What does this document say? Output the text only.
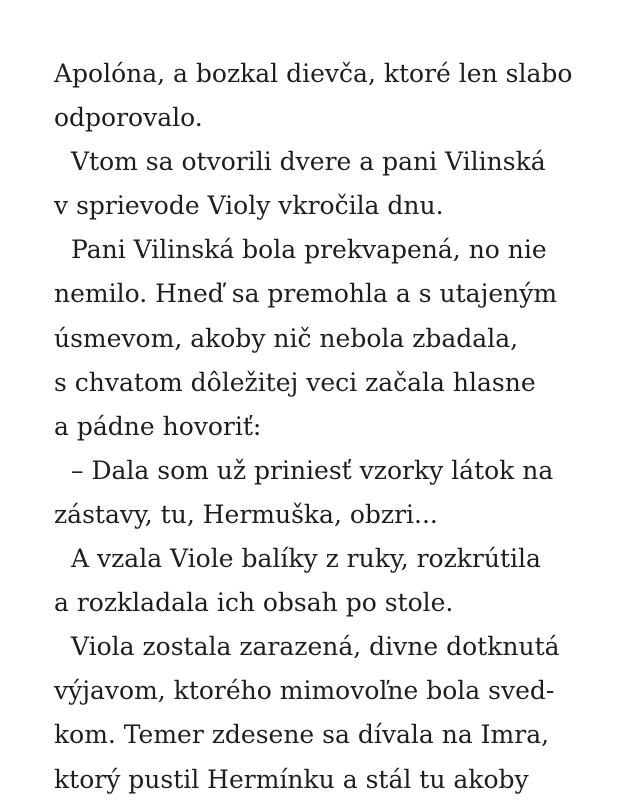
Apolóna, a bozkal dievča, ktoré len slabo
odporovalo.
Vtom sa otvorili dvere a pani Vilinská
v sprievode Violy vkročila dnu.
Pani Vilinská bola prekvapená, no nie
nemilo. Hneď sa premohla a s utajeným
úsmevom, akoby nič nebola zbadala,
s chvatom dôležitej veci začala hlasne
a pádne hovoriť:
– Dala som už priniesť vzorky látok na
zástavy, tu, Hermuška, obzri...
A vzala Viole balíky z ruky, rozkrútila
a rozkladala ich obsah po stole.
Viola zostala zarazená, divne dotknutá
výjavom, ktorého mimovoľne bola sved-
kom. Temer zdesene sa dívala na Imra,
ktorý pustil Hermínku a stál tu akoby
